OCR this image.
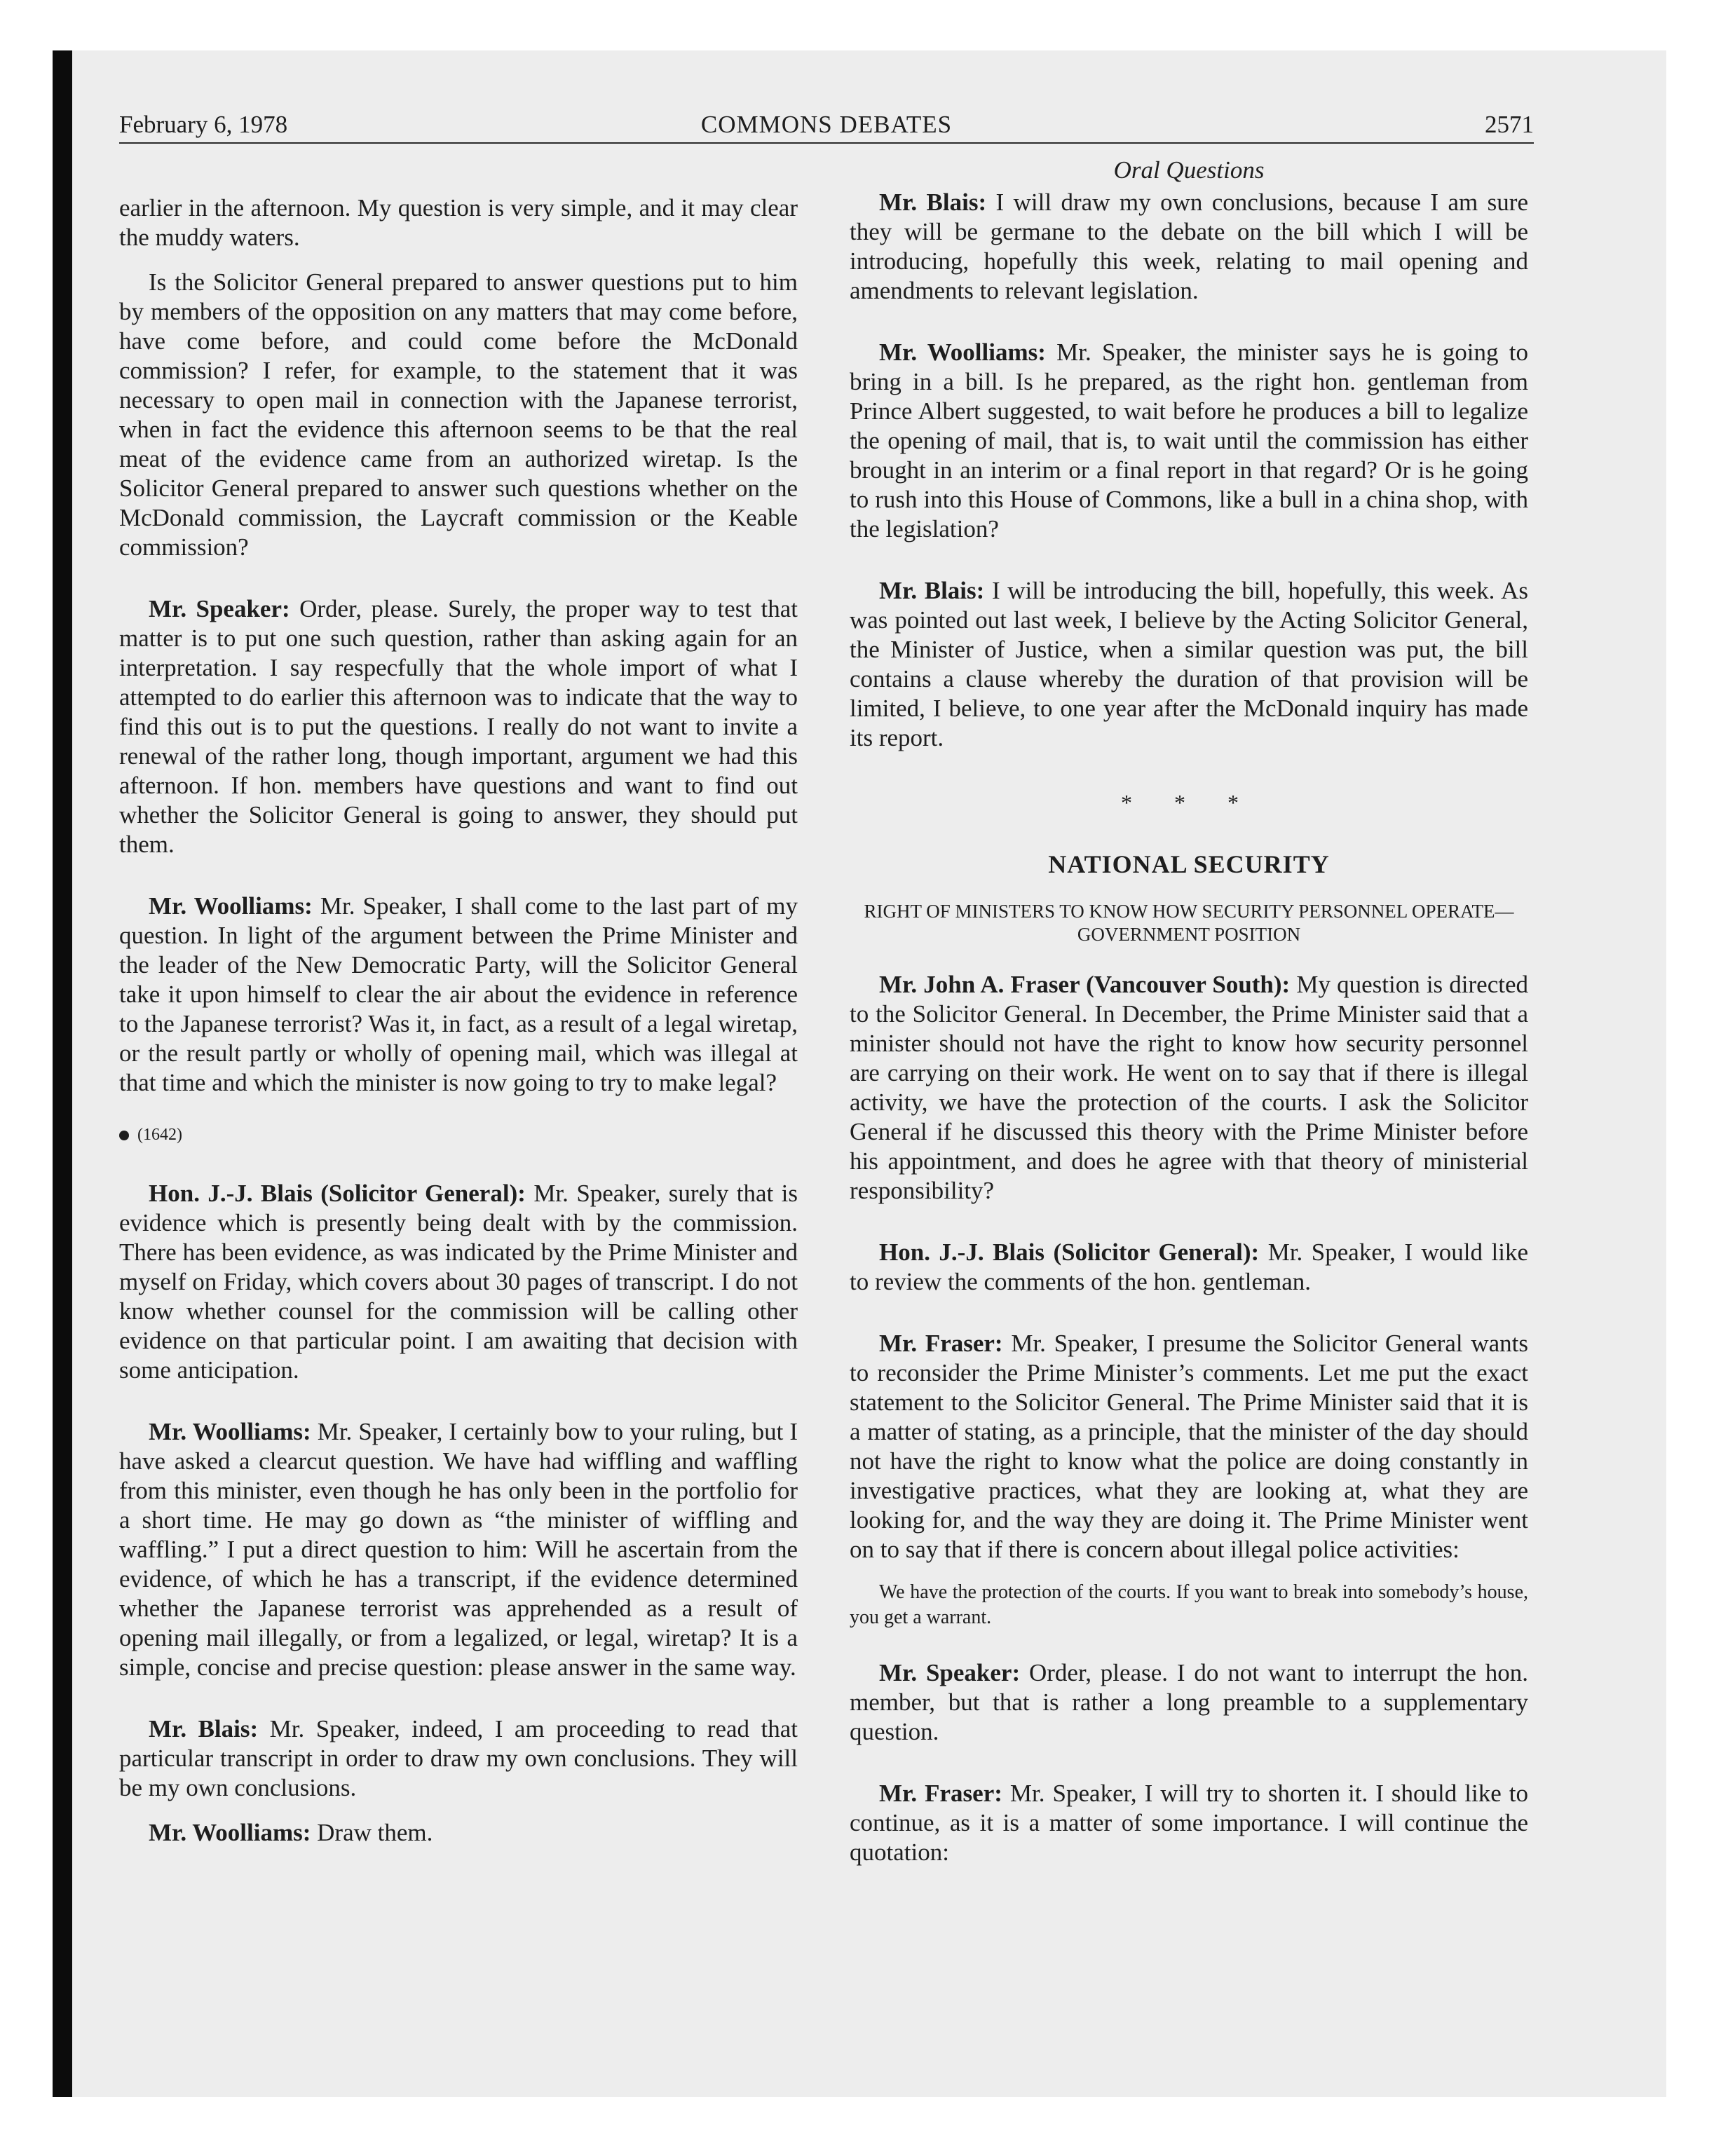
February 6, 1978	COMMONS DEBATES	2571

earlier in the afternoon. My question is very simple, and it may clear the muddy waters.

Is the Solicitor General prepared to answer questions put to him by members of the opposition on any matters that may come before, have come before, and could come before the McDonald commission? I refer, for example, to the statement that it was necessary to open mail in connection with the Japanese terrorist, when in fact the evidence this afternoon seems to be that the real meat of the evidence came from an authorized wiretap. Is the Solicitor General prepared to answer such questions whether on the McDonald commission, the Laycraft commission or the Keable commission?

Mr. Speaker: Order, please. Surely, the proper way to test that matter is to put one such question, rather than asking again for an interpretation. I say respecfully that the whole import of what I attempted to do earlier this afternoon was to indicate that the way to find this out is to put the questions. I really do not want to invite a renewal of the rather long, though important, argument we had this afternoon. If hon. members have questions and want to find out whether the Solicitor General is going to answer, they should put them.

Mr. Woolliams: Mr. Speaker, I shall come to the last part of my question. In light of the argument between the Prime Minister and the leader of the New Democratic Party, will the Solicitor General take it upon himself to clear the air about the evidence in reference to the Japanese terrorist? Was it, in fact, as a result of a legal wiretap, or the result partly or wholly of opening mail, which was illegal at that time and which the minister is now going to try to make legal?

(1642)

Hon. J.-J. Blais (Solicitor General): Mr. Speaker, surely that is evidence which is presently being dealt with by the commission. There has been evidence, as was indicated by the Prime Minister and myself on Friday, which covers about 30 pages of transcript. I do not know whether counsel for the commission will be calling other evidence on that particular point. I am awaiting that decision with some anticipation.

Mr. Woolliams: Mr. Speaker, I certainly bow to your ruling, but I have asked a clearcut question. We have had wiffling and waffling from this minister, even though he has only been in the portfolio for a short time. He may go down as “the minister of wiffling and waffling.” I put a direct question to him: Will he ascertain from the evidence, of which he has a transcript, if the evidence determined whether the Japanese terrorist was apprehended as a result of opening mail illegally, or from a legalized, or legal, wiretap? It is a simple, concise and precise question: please answer in the same way.

Mr. Blais: Mr. Speaker, indeed, I am proceeding to read that particular transcript in order to draw my own conclusions. They will be my own conclusions.

Mr. Woolliams: Draw them.

Oral Questions

Mr. Blais: I will draw my own conclusions, because I am sure they will be germane to the debate on the bill which I will be introducing, hopefully this week, relating to mail opening and amendments to relevant legislation.

Mr. Woolliams: Mr. Speaker, the minister says he is going to bring in a bill. Is he prepared, as the right hon. gentleman from Prince Albert suggested, to wait before he produces a bill to legalize the opening of mail, that is, to wait until the commission has either brought in an interim or a final report in that regard? Or is he going to rush into this House of Commons, like a bull in a china shop, with the legislation?

Mr. Blais: I will be introducing the bill, hopefully, this week. As was pointed out last week, I believe by the Acting Solicitor General, the Minister of Justice, when a similar question was put, the bill contains a clause whereby the duration of that provision will be limited, I believe, to one year after the McDonald inquiry has made its report.

* * *
NATIONAL SECURITY
RIGHT OF MINISTERS TO KNOW HOW SECURITY PERSONNEL OPERATE—GOVERNMENT POSITION

Mr. John A. Fraser (Vancouver South): My question is directed to the Solicitor General. In December, the Prime Minister said that a minister should not have the right to know how security personnel are carrying on their work. He went on to say that if there is illegal activity, we have the protection of the courts. I ask the Solicitor General if he discussed this theory with the Prime Minister before his appointment, and does he agree with that theory of ministerial responsibility?

Hon. J.-J. Blais (Solicitor General): Mr. Speaker, I would like to review the comments of the hon. gentleman.

Mr. Fraser: Mr. Speaker, I presume the Solicitor General wants to reconsider the Prime Minister’s comments. Let me put the exact statement to the Solicitor General. The Prime Minister said that it is a matter of stating, as a principle, that the minister of the day should not have the right to know what the police are doing constantly in investigative practices, what they are looking at, what they are looking for, and the way they are doing it. The Prime Minister went on to say that if there is concern about illegal police activities:

We have the protection of the courts. If you want to break into somebody’s house, you get a warrant.

Mr. Speaker: Order, please. I do not want to interrupt the hon. member, but that is rather a long preamble to a supplementary question.

Mr. Fraser: Mr. Speaker, I will try to shorten it. I should like to continue, as it is a matter of some importance. I will continue the quotation:
